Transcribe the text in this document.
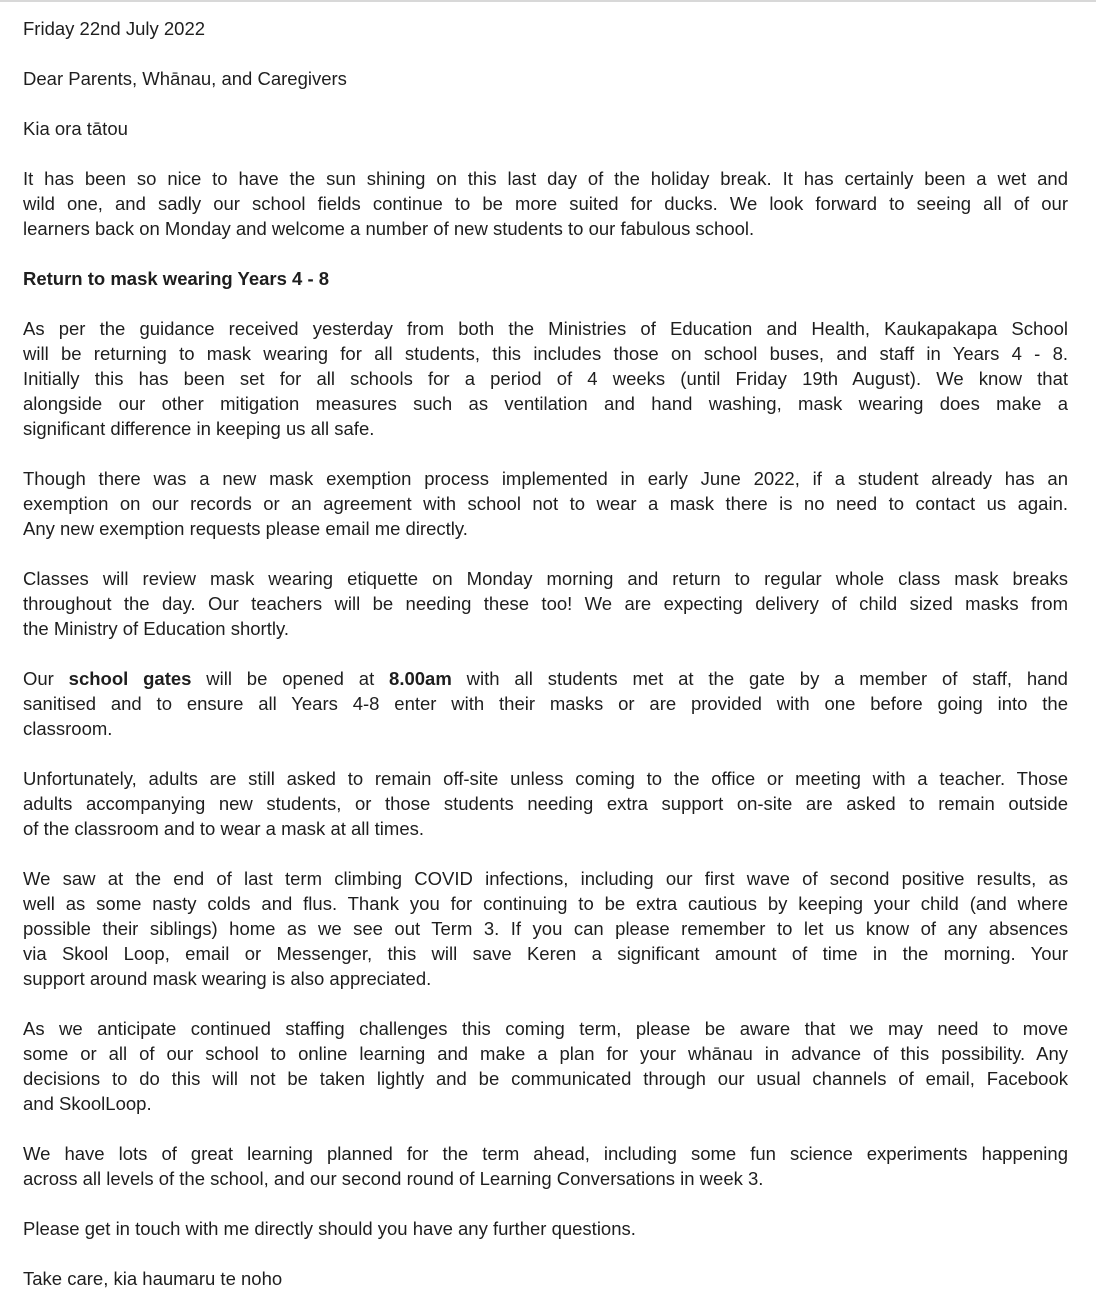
Friday 22nd July 2022
Dear Parents, Whānau, and Caregivers
Kia ora tātou
It has been so nice to have the sun shining on this last day of the holiday break. It has certainly been a wet and
wild one, and sadly our school fields continue to be more suited for ducks. We look forward to seeing all of our
learners back on Monday and welcome a number of new students to our fabulous school.
Return to mask wearing Years 4 - 8
As per the guidance received yesterday from both the Ministries of Education and Health, Kaukapakapa School
will be returning to mask wearing for all students, this includes those on school buses, and staff in Years 4 - 8.
Initially this has been set for all schools for a period of 4 weeks (until Friday 19th August). We know that
alongside our other mitigation measures such as ventilation and hand washing, mask wearing does make a
significant difference in keeping us all safe.
Though there was a new mask exemption process implemented in early June 2022, if a student already has an
exemption on our records or an agreement with school not to wear a mask there is no need to contact us again.
Any new exemption requests please email me directly.
Classes will review mask wearing etiquette on Monday morning and return to regular whole class mask breaks
throughout the day. Our teachers will be needing these too! We are expecting delivery of child sized masks from
the Ministry of Education shortly.
Our school gates will be opened at 8.00am with all students met at the gate by a member of staff, hand
sanitised and to ensure all Years 4-8 enter with their masks or are provided with one before going into the
classroom.
Unfortunately, adults are still asked to remain off-site unless coming to the office or meeting with a teacher. Those
adults accompanying new students, or those students needing extra support on-site are asked to remain outside
of the classroom and to wear a mask at all times.
We saw at the end of last term climbing COVID infections, including our first wave of second positive results, as
well as some nasty colds and flus. Thank you for continuing to be extra cautious by keeping your child (and where
possible their siblings) home as we see out Term 3. If you can please remember to let us know of any absences
via Skool Loop, email or Messenger, this will save Keren a significant amount of time in the morning. Your
support around mask wearing is also appreciated.
As we anticipate continued staffing challenges this coming term, please be aware that we may need to move
some or all of our school to online learning and make a plan for your whānau in advance of this possibility. Any
decisions to do this will not be taken lightly and be communicated through our usual channels of email, Facebook
and SkoolLoop.
We have lots of great learning planned for the term ahead, including some fun science experiments happening
across all levels of the school, and our second round of Learning Conversations in week 3.
Please get in touch with me directly should you have any further questions.
Take care, kia haumaru te noho
